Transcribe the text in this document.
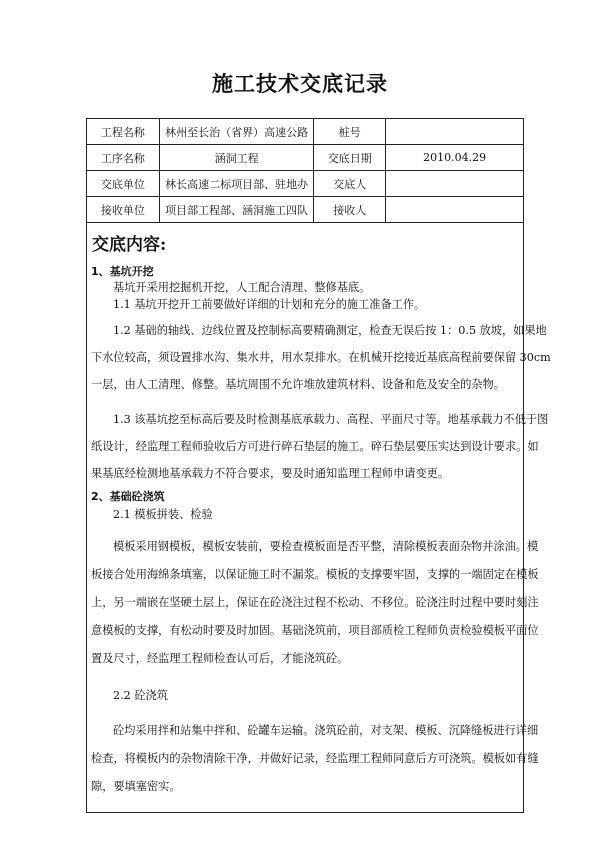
施工技术交底记录
工程名称	林州至长治（省界）高速公路	桩号	
工序名称	涵洞工程	交底日期	2010.04.29
交底单位	林长高速二标项目部、驻地办	交底人	
接收单位	项目部工程部、涵洞施工四队	接收人	
交底内容:
1、基坑开挖
基坑开采用挖掘机开挖，人工配合清理、整修基底。
1.1 基坑开挖开工前要做好详细的计划和充分的施工准备工作。
1.2 基础的轴线、边线位置及控制标高要精确测定，检查无误后按 1：0.5 放坡，如果地
下水位较高，须设置排水沟、集水井，用水泵排水。在机械开挖接近基底高程前要保留 30cm
一层，由人工清理、修整。基坑周围不允许堆放建筑材料、设备和危及安全的杂物。
1.3 该基坑挖至标高后要及时检测基底承载力、高程、平面尺寸等。地基承载力不低于图
纸设计，经监理工程师验收后方可进行碎石垫层的施工。碎石垫层要压实达到设计要求。如
果基底经检测地基承载力不符合要求，要及时通知监理工程师申请变更。
2、基础砼浇筑
2.1 模板拼装、检验
模板采用钢模板，模板安装前，要检查模板面是否平整，清除模板表面杂物并涂油。模
板接合处用海绵条填塞，以保证施工时不漏浆。模板的支撑要牢固，支撑的一端固定在模板
上，另一端嵌在坚硬土层上，保证在砼浇注过程不松动、不移位。砼浇注时过程中要时刻注
意模板的支撑，有松动时要及时加固。基础浇筑前，项目部质检工程师负责检验模板平面位
置及尺寸，经监理工程师检查认可后，才能浇筑砼。
2.2 砼浇筑
砼均采用拌和站集中拌和、砼罐车运输。浇筑砼前，对支架、模板、沉降缝板进行详细
检查，将模板内的杂物清除干净，并做好记录，经监理工程师同意后方可浇筑。模板如有缝
隙，要填塞密实。
